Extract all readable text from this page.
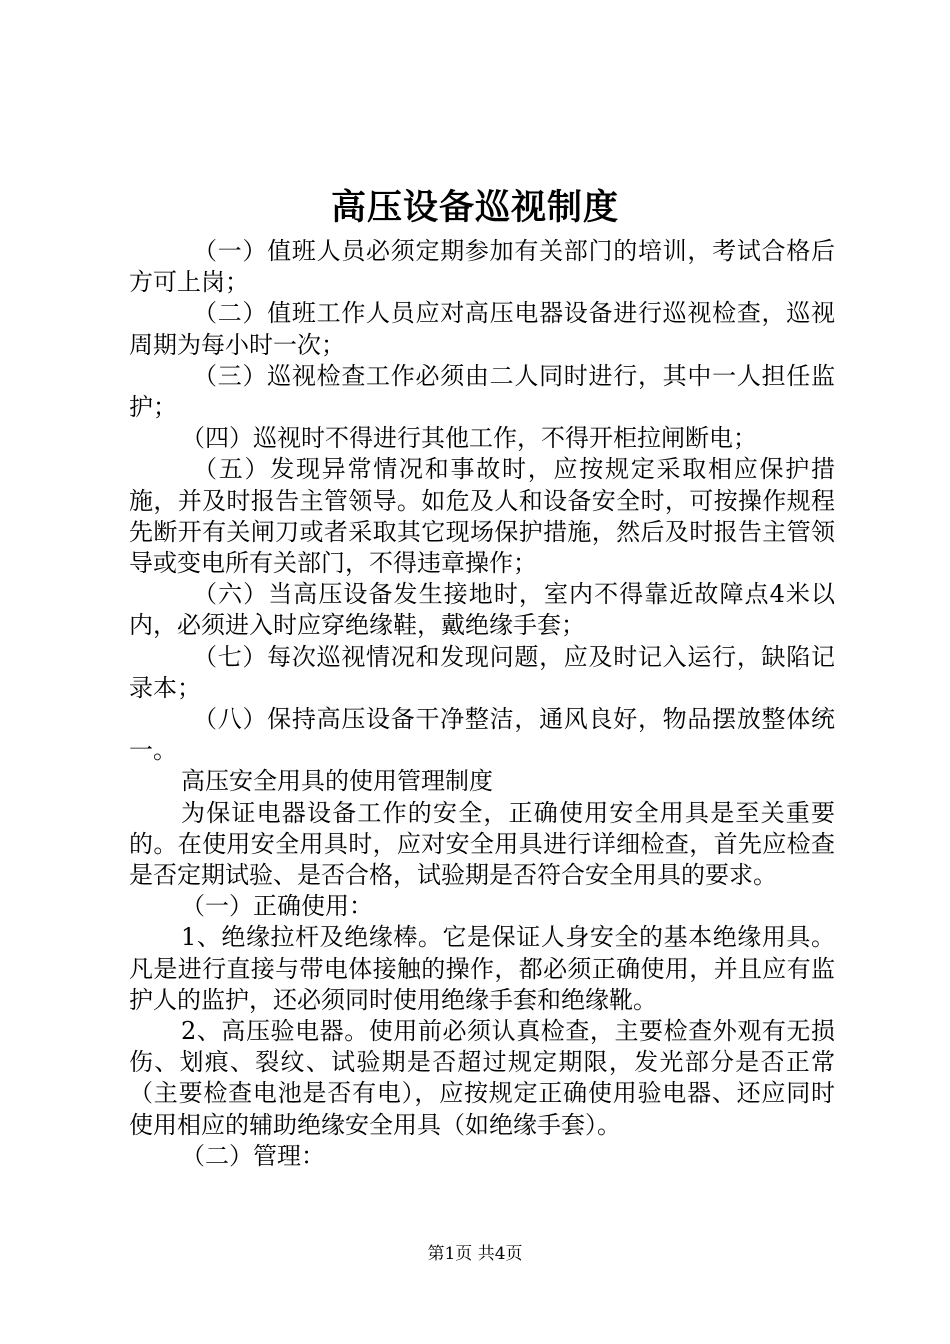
高压设备巡视制度

（一）值班人员必须定期参加有关部门的培训，考试合格后方可上岗；

（二）值班工作人员应对高压电器设备进行巡视检查，巡视周期为每小时一次；

（三）巡视检查工作必须由二人同时进行，其中一人担任监护；

（四）巡视时不得进行其他工作，不得开柜拉闸断电；

（五）发现异常情况和事故时，应按规定采取相应保护措施，并及时报告主管领导。如危及人和设备安全时，可按操作规程先断开有关闸刀或者采取其它现场保护措施，然后及时报告主管领导或变电所有关部门，不得违章操作；

（六）当高压设备发生接地时，室内不得靠近故障点4米以内，必须进入时应穿绝缘鞋，戴绝缘手套；

（七）每次巡视情况和发现问题，应及时记入运行，缺陷记录本；

（八）保持高压设备干净整洁，通风良好，物品摆放整体统一。

高压安全用具的使用管理制度

为保证电器设备工作的安全，正确使用安全用具是至关重要的。在使用安全用具时，应对安全用具进行详细检查，首先应检查是否定期试验、是否合格，试验期是否符合安全用具的要求。

（一）正确使用：

1、绝缘拉杆及绝缘棒。它是保证人身安全的基本绝缘用具。凡是进行直接与带电体接触的操作，都必须正确使用，并且应有监护人的监护，还必须同时使用绝缘手套和绝缘靴。

2、高压验电器。使用前必须认真检查，主要检查外观有无损伤、划痕、裂纹、试验期是否超过规定期限，发光部分是否正常（主要检查电池是否有电），应按规定正确使用验电器、还应同时使用相应的辅助绝缘安全用具（如绝缘手套）。

（二）管理：

第1页 共4页
